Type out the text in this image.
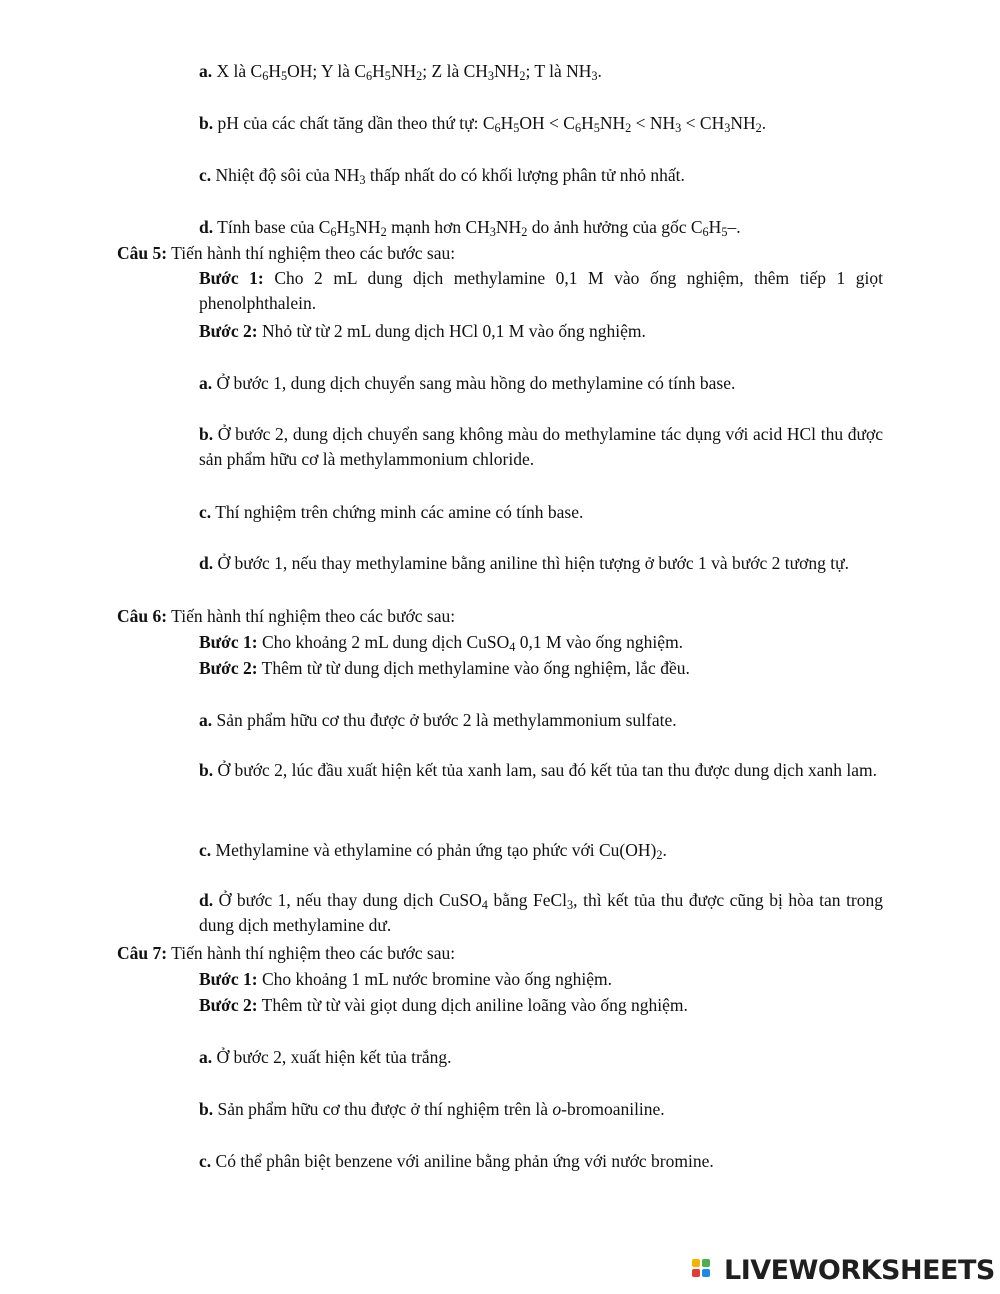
a. X là $C_6H_5OH$; Y là $C_6H_5NH_2$; Z là $CH_3NH_2$; T là $NH_3$.
b. pH của các chất tăng dần theo thứ tự: $C_6H_5OH < C_6H_5NH_2 < NH_3 < CH_3NH_2$.
c. Nhiệt độ sôi của $NH_3$ thấp nhất do có khối lượng phân tử nhỏ nhất.
d. Tính base của $C_6H_5NH_2$ mạnh hơn $CH_3NH_2$ do ảnh hưởng của gốc $C_6H_5-$.
Câu 5: Tiến hành thí nghiệm theo các bước sau:
Bước 1: Cho 2 mL dung dịch methylamine 0,1 M vào ống nghiệm, thêm tiếp 1 giọt phenolphthalein.
Bước 2: Nhỏ từ từ 2 mL dung dịch HCl 0,1 M vào ống nghiệm.
a. Ở bước 1, dung dịch chuyển sang màu hồng do methylamine có tính base.
b. Ở bước 2, dung dịch chuyển sang không màu do methylamine tác dụng với acid HCl thu được sản phẩm hữu cơ là methylammonium chloride.
c. Thí nghiệm trên chứng minh các amine có tính base.
d. Ở bước 1, nếu thay methylamine bằng aniline thì hiện tượng ở bước 1 và bước 2 tương tự.
Câu 6: Tiến hành thí nghiệm theo các bước sau:
Bước 1: Cho khoảng 2 mL dung dịch CuSO$_4$ 0,1 M vào ống nghiệm.
Bước 2: Thêm từ từ dung dịch methylamine vào ống nghiệm, lắc đều.
a. Sản phẩm hữu cơ thu được ở bước 2 là methylammonium sulfate.
b. Ở bước 2, lúc đầu xuất hiện kết tủa xanh lam, sau đó kết tủa tan thu được dung dịch xanh lam.
c. Methylamine và ethylamine có phản ứng tạo phức với $Cu(OH)_2$.
d. Ở bước 1, nếu thay dung dịch CuSO$_4$ bằng FeCl$_3$, thì kết tủa thu được cũng bị hòa tan trong dung dịch methylamine dư.
Câu 7: Tiến hành thí nghiệm theo các bước sau:
Bước 1: Cho khoảng 1 mL nước bromine vào ống nghiệm.
Bước 2: Thêm từ từ vài giọt dung dịch aniline loãng vào ống nghiệm.
a. Ở bước 2, xuất hiện kết tủa trắng.
b. Sản phẩm hữu cơ thu được ở thí nghiệm trên là o-bromoaniline.
c. Có thể phân biệt benzene với aniline bằng phản ứng với nước bromine.
LIVEWORKSHEETS
